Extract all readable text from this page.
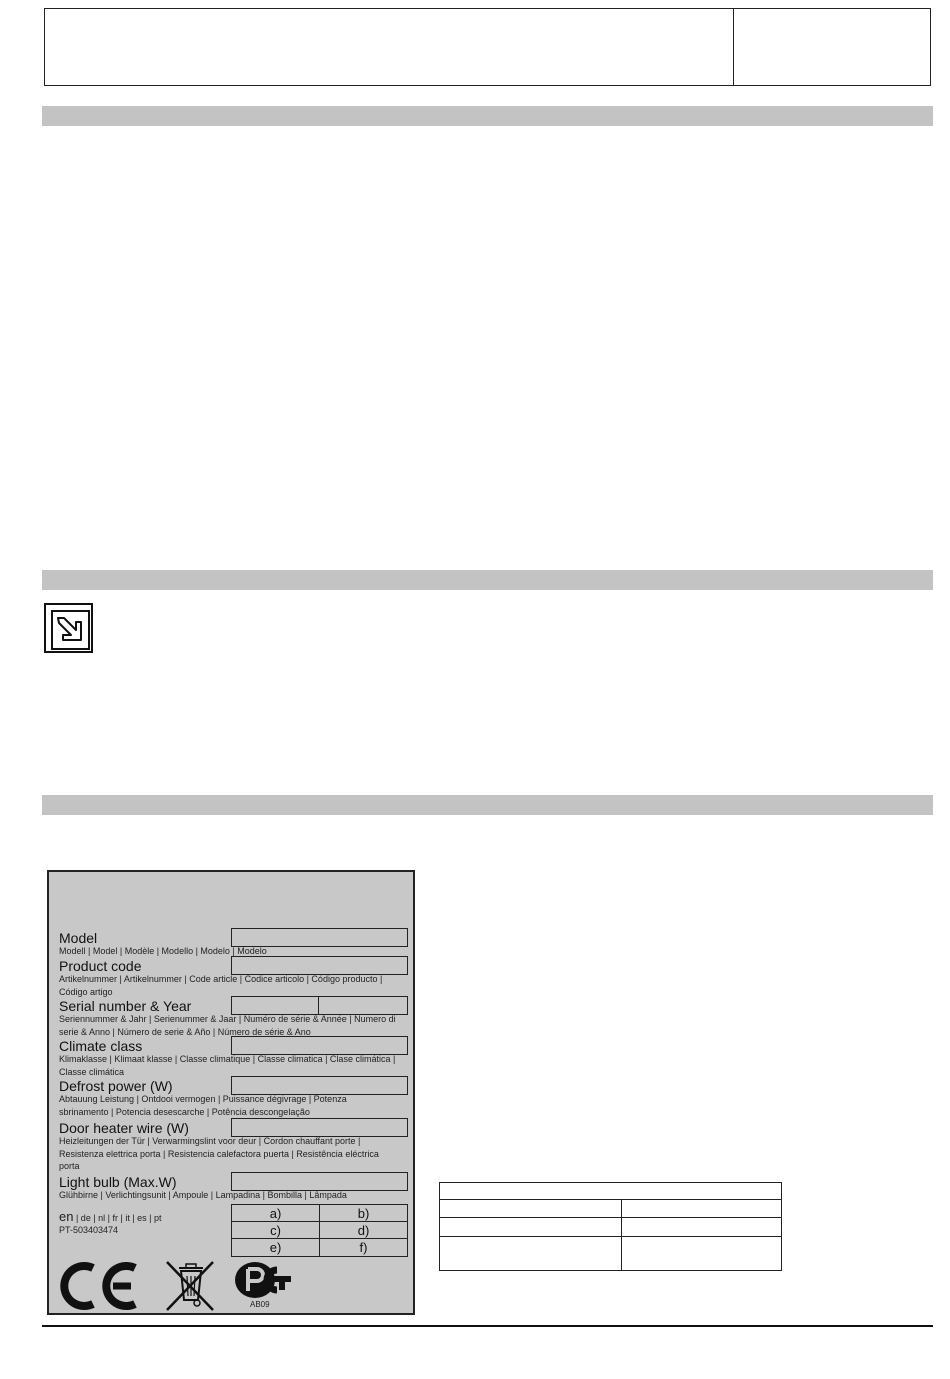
Model
Modell | Model | Modèle | Modello | Modelo | Modelo
Product code
Artikelnummer | Artikelnummer | Code article | Codice articolo | Código producto | Código artigo
Serial number & Year
Seriennummer & Jahr | Serienummer & Jaar | Numéro de série & Année | Numero di serie & Anno | Número de serie & Año | Número de série & Ano
Climate class
Klimaklasse | Klimaat klasse | Classe climatique | Classe climatica | Clase climática | Classe climática
Defrost power (W)
Abtauung Leistung | Ontdooi vermogen | Puissance dégivrage | Potenza sbrinamento | Potencia desescarche | Potência descongelação
Door heater wire (W)
Heizleitungen der Tür | Verwarmingslint voor deur | Cordon chauffant porte | Resistenza elettrica porta | Resistencia calefactora puerta | Resistência eléctrica porta
Light bulb (Max.W)
Glühbirne | Verlichtingsunit | Ampoule | Lampadina | Bombilla | Lâmpada
en | de | nl | fr | it | es | pt
PT-503403474
a)	b)
c)	d)
e)	f)
AB09
